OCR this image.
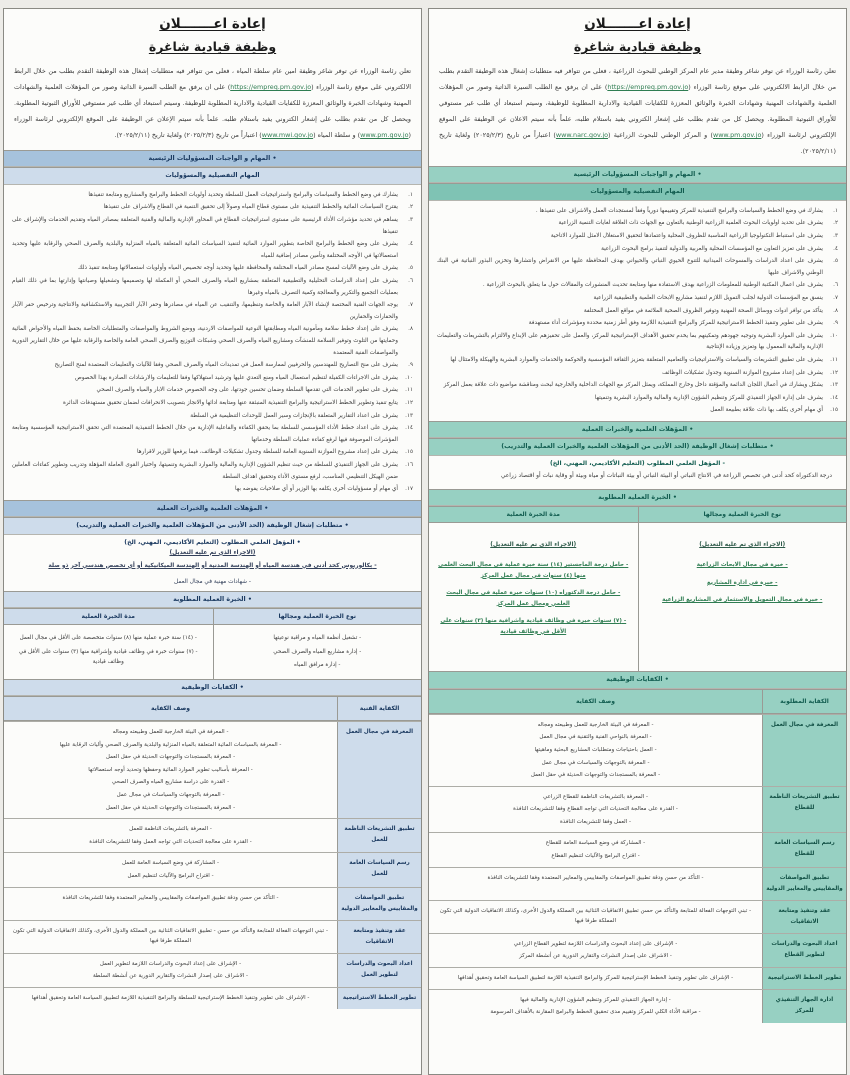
إعادة اعـــــــلان
وظيفة قيادية شاغرة
تعلن رئاسة الوزراء عن توفر شاغر وظيفة مدير عام المركز الوطني للبحوث الزراعية ، فعلى من تتوافر فيه متطلبات إشغال هذه الوظيفة التقدم بطلب من خلال الرابط الالكتروني على موقع رئاسة الوزراء (https://empreq.pm.gov.jo) على ان يرفق مع الطلب السيرة الذاتية وصور من المؤهلات العلمية والشهادات المهنية وشهادات الخبرة والوثائق المعززة للكفايات القيادية والادارية المطلوبة للوظيفة، وسيتم استبعاد أي طلب غير مستوفي للأوراق الثبوتية المطلوبة. ويحصل كل من تقدم بطلب على إشعار الكتروني يفيد باستلام طلبه، علماً بأنه سيتم الاعلان عن الوظيفة على الموقع الإلكتروني لرئاسة الوزراء (www.pm.gov.jo) و المركز الوطني للبحوث الزراعية (www.narc.gov.jo) اعتباراً من تاريخ (٢٠٢٥/٢/٣) ولغاية تاريخ (٢٠٢٥/٢/١١).
• المهام و الواجبات المسؤوليات الرئيسية
المهام التفصيلية والمسؤوليات
١.
يشارك في وضع الخطط والسياسات والبرامج التنفيذية للمركز وتقييمها دورياً وفقاً لمستجدات العمل والاشراف على تنفيذها .
٢.
يشرف على تحديد اولويات البحوث العلمية الزراعية الوطنية بالتعاون مع الجهات ذات العلاقة لغايات التنمية الزراعية
٣.
يشرف على استنباط التكنولوجيا الزراعية المناسبة للظروف المحلية واعتمادها لتحقيق الاستغلال الامثل للموارد الاتاحية
٤.
يشرف على تعزيز التعاون مع المؤسسات المحلية والعربية والدولية لتنفيذ برامج البحوث الزراعية
٥.
يشرف على اعداد الدراسات والمسوحات الميدانية للتنوع الحيوي النباتي والحيواني بهدف المحافظة عليها من الانقراض وانتشارها وتخزين البذور النباتية في البنك الوطني والاشراف عليها
٦.
يشرف على اعمال المكتبة الوطنية للمعلومات الزراعية بهدف الاستفادة منها ومتابعة تحديث المنشورات والمقالات حول ما يتعلق بالبحوث الزراعية .
٧.
ينسق مع المؤسسات الدولية لجلب التمويل اللازم لتنفيذ مشاريع الابحاث العلمية والتطبيقية الزراعية
٨.
يتأكد من توافر ادوات ووسائل الصحة المهنية وتوفير الظروف الصحية الملائمة في مواقع العمل المختلفة
٩.
يشرف على تطوير وتنفيذ الخطط الاستراتيجية للمركز والبرامج التنفيذية اللازمة وفق أطر زمنية محددة ومؤشرات أداء مستهدفة
١٠.
يشرف على الموارد البشرية وتوجيه جهودهم وتمكينهم بما يخدم تحقيق الأهداف الإستراتيجية للمركز، والعمل على تحفيزهم على الإبداع والالتزام بالتشريعات والتعليمات الإدارية والمالية المعمول بها وتعزيز وزيادة الإنتاجية
١١.
يشرف على تطبيق التشريعات والسياسات والاستراتيجيات والتعاميم المتعلقة بتعزيز الثقافة المؤسسية والحوكمة والخدمات والموارد البشرية والهيكلة والامتثال لها
١٢.
يشرف على إعداد مشروع الموازنة السنوية وجدول تشكيلات الوظائف
١٣.
يشكل ويشارك في أعمال اللجان الدائمة والمؤقتة داخل وخارج المملكة، ويمثل المركز مع الجهات الداخلية والخارجية لبحث ومناقشة مواضيع ذات علاقة بعمل المركز
١٤.
يشرف على إدارة الجهاز التنفيذي للمركز وتنظيم الشؤون الإدارية والمالية والموارد البشرية وتنميتها
١٥.
أي مهام أخرى يكلف بها ذات علاقة بطبيعة العمل
• المؤهلات العلمية والخبرات العملية
• متطلبات إشغال الوظيفة (الحد الأدنى من المؤهلات العلمية والخبرات العملية والتدريب)
- المؤهل العلمي المطلوب (التعليم الأكاديمي، المهني، الخ)
درجة الدكتوراه كحد أدنى في تخصص الزراعة في الانتاج النباتي أو البيئة النباتي أو بيئة النباتات أو مياه وبيئة أو وقاية نبات أو اقتصاد زراعي
• الخبرة العملية المطلوبة
نوع الخبرة العملية ومجالها
مدة الخبرة العملية
(الاجراء الذي تم عليه التعديل)
- خبرة في مجال الابحاث الزراعية
- خبرة في ادارة المشاريع
- خبرة في مجال التمويل والاستثمار في المشاريع الزراعية
(الاجراء الذي تم عليه التعديل)
- حامل درجة الماجستير (١٤) سنة خبرة عملية في مجال البحث العلمي منها (٤) سنوات في مجال عمل المركز
- حامل درجة الدكتوراه (١٠) سنوات خبرة عملية في مجال البحث العلمي ومجال عمل المركز
- (٧) سنوات خبرة في وظائف قيادية واشرافية منها (٣) سنوات على الأقل في وظائف قيادية
• الكفايات الوظيفية
الكفاية المطلوبة
وصف الكفاية
المعرفة في مجال العمل
- المعرفة في البيئة الخارجية للعمل وطبيعته ومجاله
- المعرفة بالنواحي الفنية والتقنية في مجال العمل
- العمل باحتياجات ومتطلبات المشاريع البحثية وماهيتها
- المعرفة بالتوجهات والسياسات في مجال عمل
- المعرفة بالمستجدات والتوجهات الحديثة في حقل العمل
تطبيق التشريعات الناظمة للقطاع
- المعرفة بالتشريعات الناظمة للقطاع الزراعي
- القدرة على معالجة التحديات التي تواجه القطاع وفقا للتشريعات النافذة
- العمل وفقا للتشريعات النافذة
رسم السياسات العامة للقطاع
- المشاركة في وضع السياسة العامة للقطاع
- اقتراح البرامج والآليات لتنظيم القطاع
تطبيق المواصفات والمقاييس والمعايير الدولية
- التأكد من حسن ودقة تطبيق المواصفات والمقاييس والمعايير المعتمدة وفقا للتشريعات النافذة
عقد وتنفيذ ومتابعة الاتفاقيات
- تبني التوجهات الفعالة للمتابعة والتأكد من حسن تطبيق الاتفاقيات الثنائية بين المملكة والدول الأخرى، وكذلك الاتفاقيات الدولية التي تكون المملكة طرفا فيها
اعداد البحوث والدراسات لتطوير القطاع
- الإشراف على إعداد البحوث والدراسات اللازمة لتطوير القطاع الزراعي
- الاشراف على إصدار النشرات والتقارير الدورية عن أنشطة المركز
تطوير الخطط الاستراتيجية
- الإشراف على تطوير وتنفيذ الخطط الإستراتيجية للمركز والبرامج التنفيذية اللازمة لتطبيق السياسة العامة وتحقيق أهدافها
ادارة الجهاز التنفيذي للمركز
- إدارة الجهاز التنفيذي للمركز وتنظيم الشؤون الإدارية والمالية فيها
- مراقبة الأداء الكلي للمركز وتقييم مدى تحقيق الخطط والبرامج المقارنة بالأهداف المرسومة
إعادة اعـــــــلان
وظيفة قيادية شاغرة
تعلن رئاسة الوزراء عن توفر شاغر وظيفة امين عام سلطة المياه ، فعلى من تتوافر فيه متطلبات إشغال هذه الوظيفة التقدم بطلب من خلال الرابط الالكتروني على موقع رئاسة الوزراء (https://empreq.pm.gov.jo) على ان يرفق مع الطلب السيرة الذاتية وصور من المؤهلات العلمية والشهادات المهنية وشهادات الخبرة والوثائق المعززة للكفايات القيادية والادارية المطلوبة للوظيفة. وسيتم استبعاد أي طلب غير مستوفي للأوراق الثبوتية المطلوبة. ويحصل كل من تقدم بطلب على إشعار الكتروني يفيد باستلام طلبه. علماً بأنه سيتم الإعلان عن الوظيفة على الموقع الإلكتروني لرئاسة الوزراء (www.pm.gov.jo) و سلطة المياه (www.mwi.gov.jo) اعتباراً من تاريخ (٢٠٢٥/٢/٣) ولغاية تاريخ (٢٠٢٥/٢/١١).
• المهام و الواجبات المسؤوليات الرئيسية
المهام التفصيلية والمسؤوليات
١.
يشارك في وضع الخطط والسياسات والبرامج واستراتيجيات العمل للسلطة وتحديد أولويات الخطط والبرامج والمشاريع ومتابعة تنفيذها
٢.
يقترح السياسات المائية والخطط التنفيذية على مستوى قطاع المياه وصولاً إلى تحقيق التنمية في القطاع والاشراف على تنفيذها
٣.
يساهم في تحديد مؤشرات الأداء الرئيسية على مستوى استراتيجيات القطاع في المحاور الإدارية والمالية والفنية المتعلقة بمصادر المياه وتقديم الخدمات والإشراف على تنفيذها
٤.
يشرف على وضع الخطط والبرامج الخاصة بتطوير الموارد المائية لتنفيذ السياسات المائية المتعلقة بالمياه المنزلية والبلدية والصرف الصحي والرقابة عليها وتحديد استعمالاتها في الأوجه المختلفة وتأمين مصادر إضافية للمياه
٥.
يشرف على وضع الآليات لمسح مصادر المياه المختلفة والمحافظة عليها وتحديد أوجه تخصيص المياه وأولويات استعمالاتها ومتابعة تنفيذ ذلك
٦.
يشرف على إعداد الدراسات التحليلية والتطبيقية المتعلقة بمشاريع المياه والصرف الصحي أو المكملة لها وتصميمها وتشغيلها وصيانتها وإدارتها بما في ذلك القيام بعمليات التجميع والتكرير والمعالجة وكمية التصرف بالمياه وغيرها
٧.
يوجه الجهات الفنية المختصة لإنشاء الآبار العامة والخاصة وتنظيمها، والتنقيب عن المياه في مصادرها وحفر الآبار التجريبية والاستكشافية والانتاجية وترخيص حفر الآبار والحفارات والحفارين
٨.
يشرف على إعداد خطط سلامة ومأمونية المياه ومطابقتها النوعية للمواصفات الاردنية، ووضع الشروط والمواصفات والمتطلبات الخاصة بحفظ المياه والأحواض المائية وحمايتها من التلوث وتوفير السلامة للمنشآت ومشاريع المياه والصرف الصحي وشبكات التوزيع والصرف الصحي العامة والخاصة والرقابة عليها من خلال التقارير الدورية والمواصفات الفنية المعتمدة
٩.
يشرف على منح التصاريح للمهندسين والحرفيين لممارسة العمل في تمديدات المياه والصرف الصحي وفقا للآليات والتعليمات المعتمدة لمنح التصاريح
١٠.
يشرف على الاجراءات الكفيلة لتنظيم استعمال المياه ومنع التعدي عليها وترشيد استهلاكها وفقا للتعليمات والارشادات الصادرة بهذا الخصوص
١١.
يشرف على تطوير الخدمات التي تقدمها السلطة وضمان تحسين جودتها، على وجه الخصوص خدمات الابار والمياه والصرف الصحي
١٢.
يتابع تنفيذ وتطوير الخطط الاستراتيجية والبرامج التنفيذية المنبثقة عنها ومتابعة ادائها والانجاز بتصويب الانحرافات لضمان تحقيق مستهدفات الدائرة
١٣.
يشرف على اعداد التقارير المتعلقة بالإنجازات وسير العمل للوحدات التنظيمية في السلطة
١٤.
يشرف على اعداد خطط الأداء المؤسسي للسلطة بما يحقق الكفاءة والفاعلية الإدارية من خلال الخطط التنفيذية المعتمدة التي تحقق الاستراتيجية المؤسسية ومتابعة المؤشرات الموصوفة فيها لرفع كفاءة عمليات السلطة وخدماتها
١٥.
يشرف على إعداد مشروع الموازنة السنوية العامة للسلطة وجدول تشكيلات الوظائف، فيما يرفعها للوزير لاقرارها
١٦.
يشرف على الجهاز التنفيذي للسلطة من حيث تنظيم الشؤون الإدارية والمالية والموارد البشرية وتنميتها، واختيار القوى العاملة المؤهلة وتدريب وتطوير كفاءات العاملين ضمن الهيكل التنظيمي المناسب، لرفع مستوى الأداء وتحقيق اهداف السلطة
١٧.
أي مهام أو مسؤوليات أخرى يكلفه بها الوزير أو أي صلاحيات يفوضه بها
• المؤهلات العلمية والخبرات العملية
• متطلبات إشغال الوظيفة (الحد الأدنى من المؤهلات العلمية والخبرات العملية والتدريب)
• المؤهل العلمي المطلوب (التعليم الأكاديمي، المهني، الخ)
(الاجراء الذي تم عليه التعديل)
- بكالوريوس كحد أدنى في هندسة المياه أو الهندسة المدنية أو الهندسة الميكانيكية أو أي تخصص هندسي آخر ذو صلة
- شهادات مهنية في مجال العمل
• الخبرة العملية المطلوبة
نوع الخبرة العملية ومجالها
مدة الخبرة العملية
- تشغيل أنظمة المياه و مراقبة نوعيتها
- إدارة مشاريع المياه والصرف الصحي
- إدارة مرافق المياه
- (١٤) سنة خبرة عملية منها (٨) سنوات متخصصة على الأقل في مجال العمل
- (٧) سنوات خبرة في وظائف قيادية وإشرافية منها (٣) سنوات على الأقل في وظائف قيادية
• الكفايات الوظيفية
الكفاية الفنية
وصف الكفاية
المعرفة في مجال العمل
- المعرفة في البيئة الخارجية للعمل وطبيعته ومجاله
- المعرفة بالسياسات المائية المتعلقة بالمياه المنزلية والبلدية والصرف الصحي وآليات الرقابة عليها
- المعرفة بالمستجدات والتوجهات الحديثة في حقل العمل
- المعرفة بأساليب تطوير الموارد المائية وحفظها وتحديد أوجه استعمالاتها
- القدرة على دراسة مشاريع المياه والصرف الصحي
- المعرفة بالتوجهات والسياسات في مجال عمل
- المعرفة بالمستجدات والتوجهات الحديثة في حقل العمل
تطبيق التشريعات الناظمة للعمل
- المعرفة بالتشريعات الناظمة للعمل
- القدرة على معالجة التحديات التي تواجه العمل وفقا للتشريعات النافذة
رسم السياسات العامة للعمل
- المشاركة في وضع السياسة العامة للعمل
- اقتراح البرامج والآليات لتنظيم العمل
تطبيق المواصفات والمقاييس والمعايير الدولية
- التأكد من حسن ودقة تطبيق المواصفات والمقاييس والمعايير المعتمدة وفقا للتشريعات النافذة
عقد وتنفيذ ومتابعة الاتفاقيات
- تبني التوجهات الفعالة للمتابعة والتأكد من حسن - تطبيق الاتفاقيات الثنائية بين المملكة والدول الأخرى، وكذلك الاتفاقيات الدولية التي تكون المملكة طرفا فيها
اعداد البحوث والدراسات لتطوير العمل
- الإشراف على إعداد البحوث والدراسات اللازمة لتطوير العمل
- الاشراف على إصدار النشرات والتقارير الدورية عن أنشطة السلطة
تطوير الخطط الاستراتيجية
- الإشراف على تطوير وتنفيذ الخطط الإستراتيجية للسلطة والبرامج التنفيذية اللازمة لتطبيق السياسة العامة وتحقيق أهدافها
